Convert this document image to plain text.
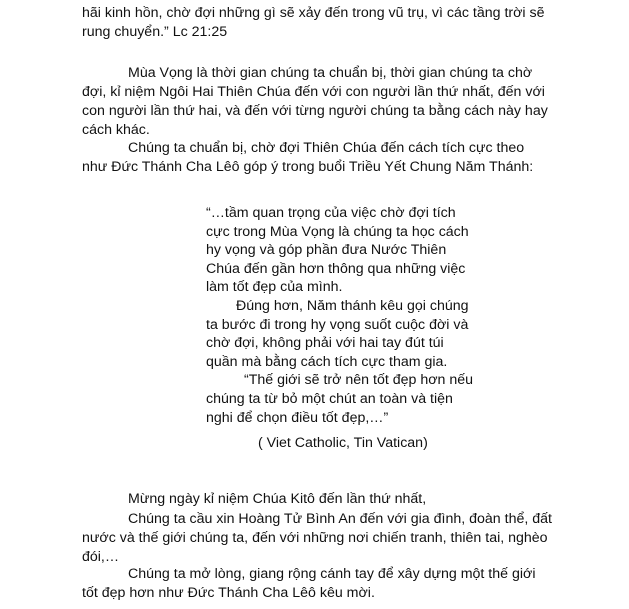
hãi kinh hồn, chờ đợi những gì sẽ xảy đến trong vũ trụ, vì các tầng trời sẽ rung chuyển.” Lc 21:25

Mùa Vọng là thời gian chúng ta chuẩn bị, thời gian chúng ta chờ đợi, kỉ niệm Ngôi Hai Thiên Chúa đến với con người lần thứ nhất, đến với con người lần thứ hai, và đến với từng người chúng ta bằng cách này hay cách khác.

Chúng ta chuẩn bị, chờ đợi Thiên Chúa đến cách tích cực theo như Đức Thánh Cha Lêô góp ý trong buổi Triều Yết Chung Năm Thánh:

“…tầm quan trọng của việc chờ đợi tích cực trong Mùa Vọng là chúng ta học cách hy vọng và góp phần đưa Nước Thiên Chúa đến gần hơn thông qua những việc làm tốt đẹp của mình.

Đúng hơn, Năm thánh kêu gọi chúng ta bước đi trong hy vọng suốt cuộc đời và chờ đợi, không phải với hai tay đút túi quần mà bằng cách tích cực tham gia.

“Thế giới sẽ trở nên tốt đẹp hơn nếu chúng ta từ bỏ một chút an toàn và tiện nghi để chọn điều tốt đẹp,…”

( Viet Catholic, Tin Vatican)

Mừng ngày kỉ niệm Chúa Kitô đến lần thứ nhất,

Chúng ta cầu xin Hoàng Tử Bình An đến với gia đình, đoàn thể, đất nước và thế giới chúng ta, đến với những nơi chiến tranh, thiên tai, nghèo đói,…

Chúng ta mở lòng, giang rộng cánh tay để xây dựng một thế giới tốt đẹp hơn như Đức Thánh Cha Lêô kêu mời.
